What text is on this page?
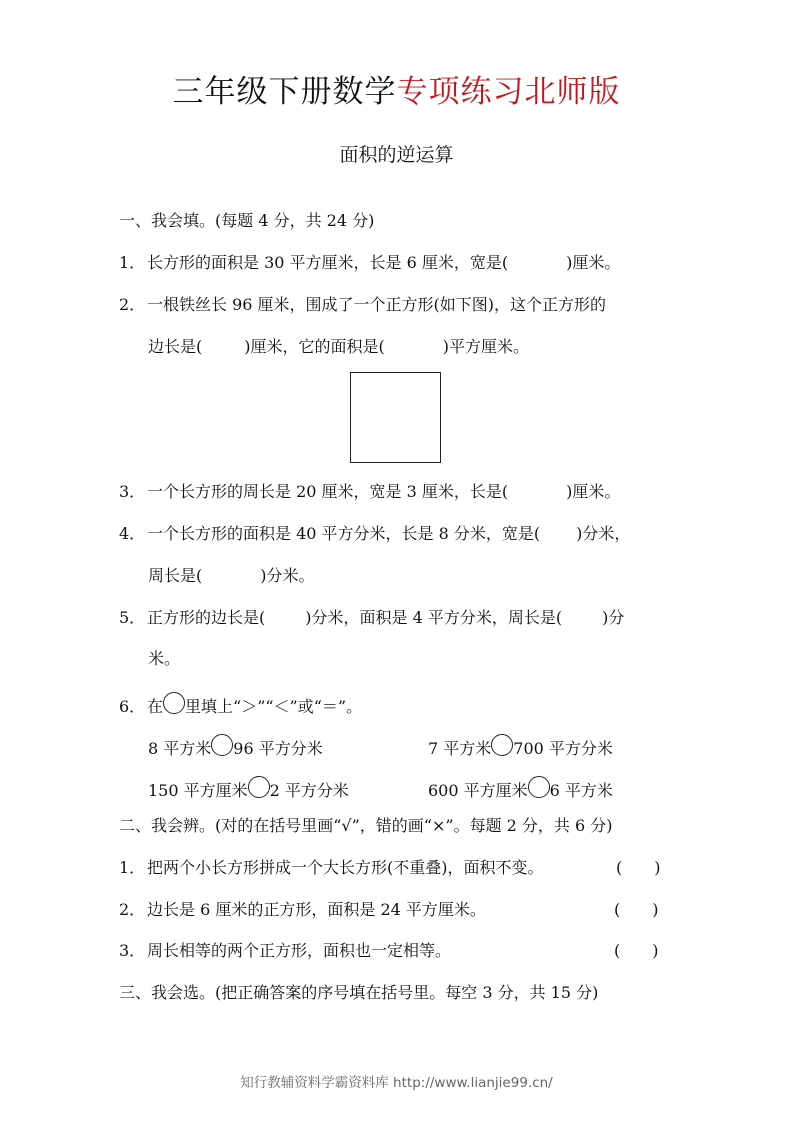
三年级下册数学专项练习北师版
面积的逆运算
一、我会填。(每题 4 分，共 24 分)
1． 长方形的面积是 30 平方厘米，长是 6 厘米，宽是(	)厘米。
2． 一根铁丝长 96 厘米，围成了一个正方形(如下图)，这个正方形的
边长是(	)厘米，它的面积是(	)平方厘米。
3． 一个长方形的周长是 20 厘米，宽是 3 厘米，长是(	)厘米。
4． 一个长方形的面积是 40 平方分米，长是 8 分米，宽是( )分米，
周长是(	)分米。
5． 正方形的边长是(	)分米，面积是 4 平方分米，周长是(	)分
米。
6． 在 里填上“＞”“＜”或“＝”。
8 平方米 96 平方分米	7 平方米 700 平方分米
150 平方厘米 2 平方分米	600 平方厘米 6 平方米
二、我会辨。(对的在括号里画“√”，错的画“×”。每题 2 分，共 6 分)
1． 把两个小长方形拼成一个大长方形(不重叠)，面积不变。	(　　)
2． 边长是 6 厘米的正方形，面积是 24 平方厘米。	(　　)
3． 周长相等的两个正方形，面积也一定相等。	(　　)
三、我会选。(把正确答案的序号填在括号里。每空 3 分，共 15 分)
知行教辅资料学霸资料库 http://www.lianjie99.cn/
